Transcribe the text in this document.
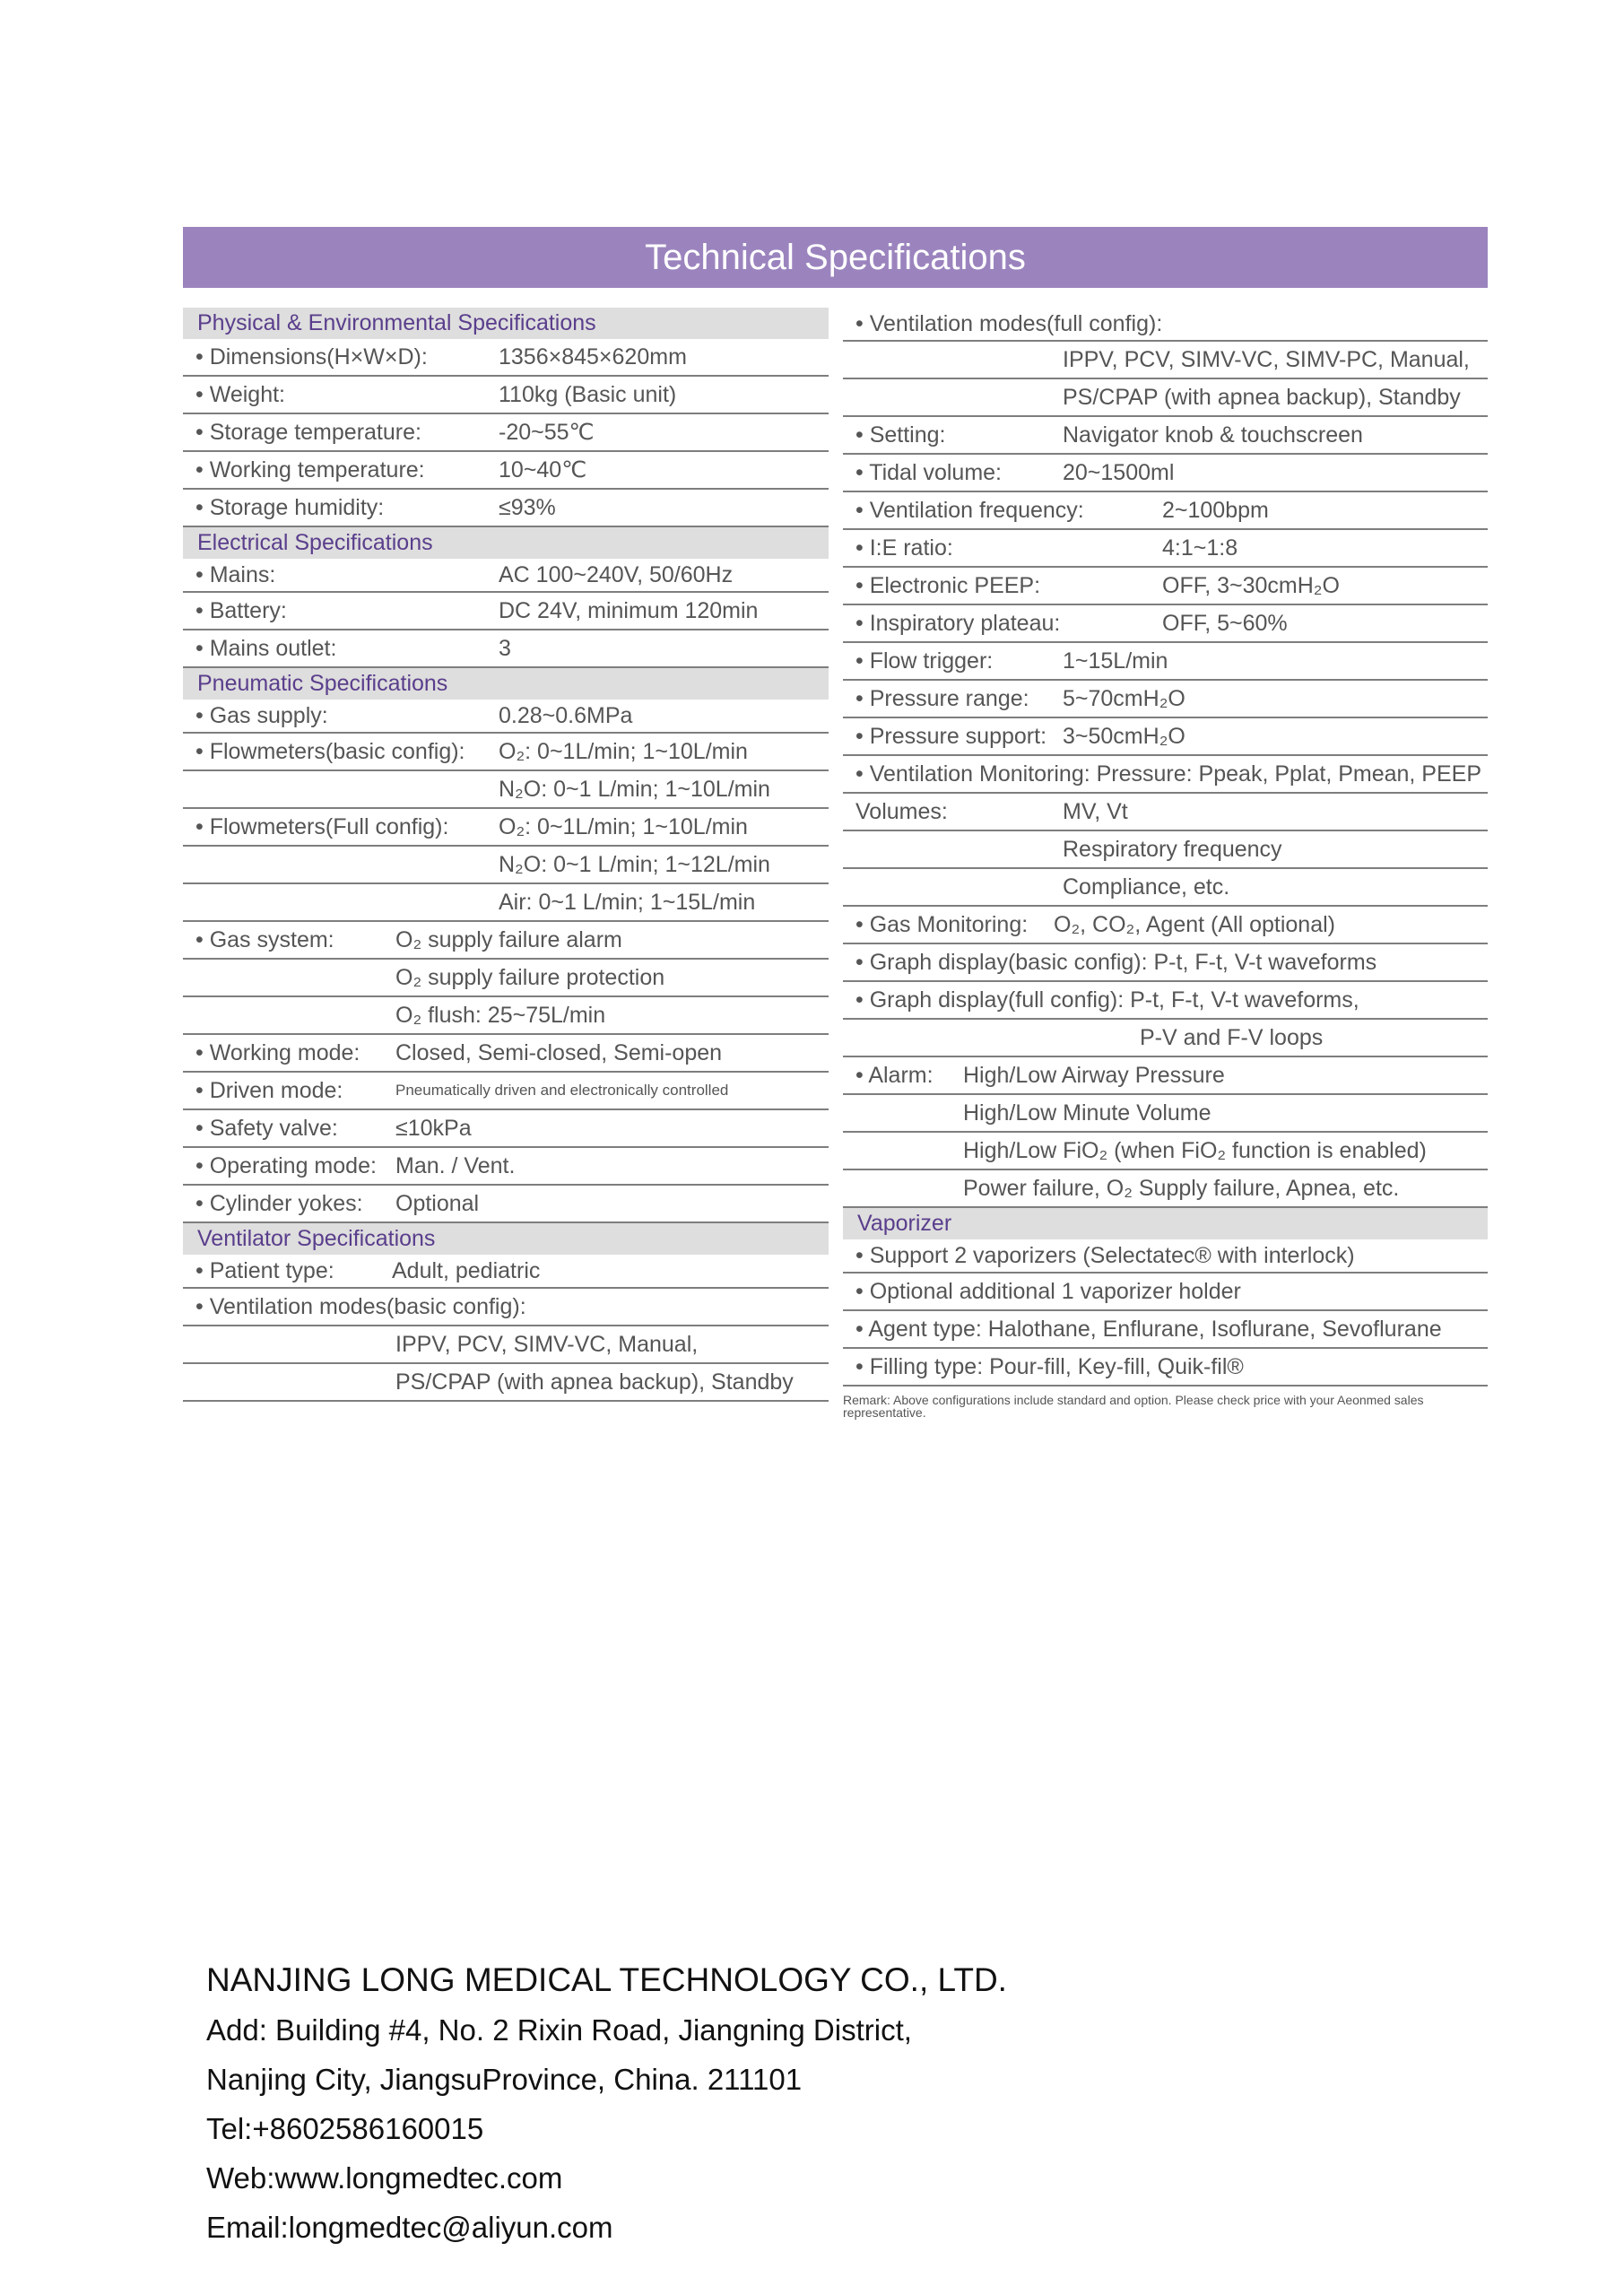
Technical Specifications
Physical & Environmental Specifications
• Dimensions(H×W×D):	1356×845×620mm
• Weight:	110kg (Basic unit)
• Storage temperature:	-20~55℃
• Working temperature:	10~40℃
• Storage humidity:	≤93%
Electrical Specifications
• Mains:	AC 100~240V, 50/60Hz
• Battery:	DC 24V, minimum 120min
• Mains outlet:	3
Pneumatic Specifications
• Gas supply:	0.28~0.6MPa
• Flowmeters(basic config): O₂: 0~1L/min; 1~10L/min
N₂O: 0~1 L/min; 1~10L/min
• Flowmeters(Full config): O₂: 0~1L/min; 1~10L/min
N₂O: 0~1 L/min; 1~12L/min
Air: 0~1 L/min; 1~15L/min
• Gas system:	O₂ supply failure alarm
O₂ supply failure protection
O₂ flush: 25~75L/min
• Working mode: Closed, Semi-closed, Semi-open
• Driven mode:	Pneumatically driven and electronically controlled
• Safety valve:	≤10kPa
• Operating mode: Man. / Vent.
• Cylinder yokes: Optional
Ventilator Specifications
• Patient type:	Adult, pediatric
• Ventilation modes(basic config):
IPPV, PCV, SIMV-VC, Manual,
PS/CPAP (with apnea backup), Standby
• Ventilation modes(full config):
IPPV, PCV, SIMV-VC, SIMV-PC, Manual,
PS/CPAP (with apnea backup), Standby
• Setting:	Navigator knob & touchscreen
• Tidal volume:	20~1500ml
• Ventilation frequency:	2~100bpm
• I:E ratio:	4:1~1:8
• Electronic PEEP:	OFF, 3~30cmH₂O
• Inspiratory plateau:	OFF, 5~60%
• Flow trigger:	1~15L/min
• Pressure range: 5~70cmH₂O
• Pressure support: 3~50cmH₂O
• Ventilation Monitoring: Pressure: Ppeak, Pplat, Pmean, PEEP
Volumes:	MV, Vt
Respiratory frequency
Compliance, etc.
• Gas Monitoring: O₂, CO₂, Agent (All optional)
• Graph display(basic config): P-t, F-t, V-t waveforms
• Graph display(full config): P-t, F-t, V-t waveforms,
P-V and F-V loops
• Alarm: High/Low Airway Pressure
High/Low Minute Volume
High/Low FiO₂ (when FiO₂ function is enabled)
Power failure, O₂ Supply failure, Apnea, etc.
Vaporizer
• Support 2 vaporizers (Selectatec® with interlock)
• Optional additional 1 vaporizer holder
• Agent type: Halothane, Enflurane, Isoflurane, Sevoflurane
• Filling type: Pour-fill, Key-fill, Quik-fil®
Remark: Above configurations include standard and option. Please check price with your Aeonmed sales representative.
NANJING LONG MEDICAL TECHNOLOGY CO., LTD.
Add: Building #4, No. 2 Rixin Road, Jiangning District,
Nanjing City, JiangsuProvince, China. 211101
Tel:+8602586160015
Web:www.longmedtec.com
Email:longmedtec@aliyun.com
